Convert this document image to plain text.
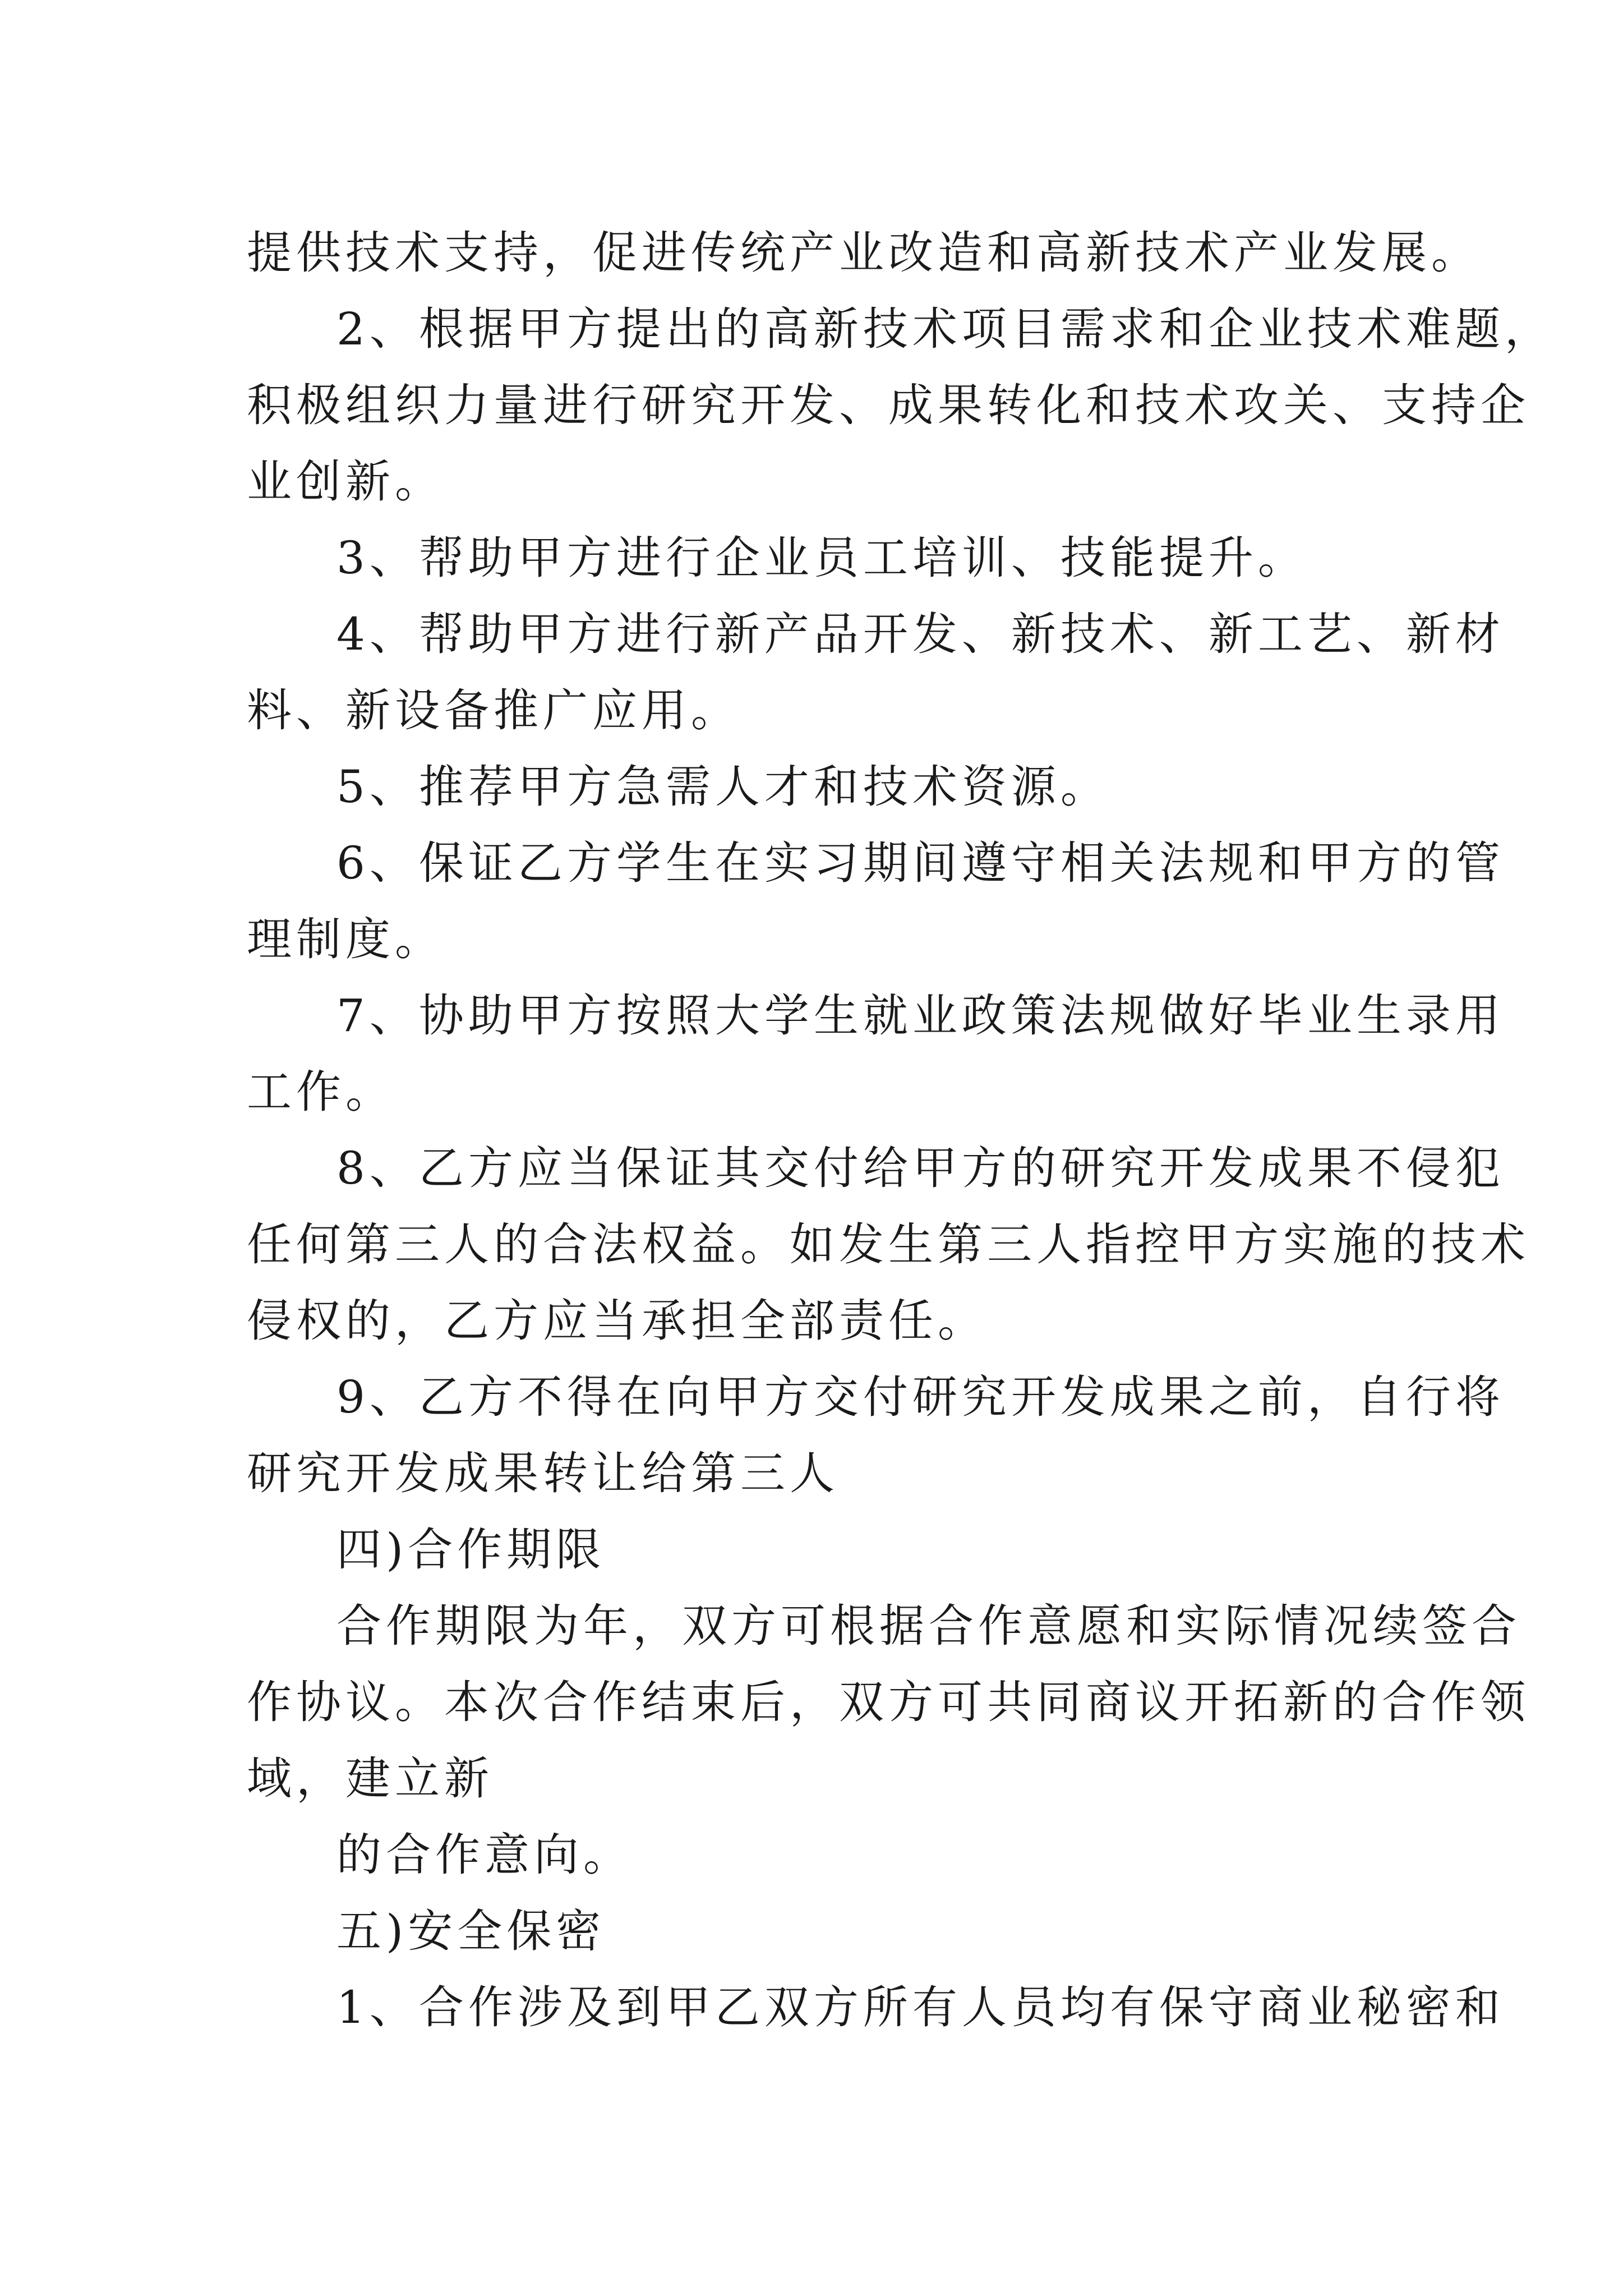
提供技术支持，促进传统产业改造和高新技术产业发展。
2、根据甲方提出的高新技术项目需求和企业技术难题，
积极组织力量进行研究开发、成果转化和技术攻关、支持企
业创新。
3、帮助甲方进行企业员工培训、技能提升。
4、帮助甲方进行新产品开发、新技术、新工艺、新材
料、新设备推广应用。
5、推荐甲方急需人才和技术资源。
6、保证乙方学生在实习期间遵守相关法规和甲方的管
理制度。
7、协助甲方按照大学生就业政策法规做好毕业生录用
工作。
8、乙方应当保证其交付给甲方的研究开发成果不侵犯
任何第三人的合法权益。如发生第三人指控甲方实施的技术
侵权的，乙方应当承担全部责任。
9、乙方不得在向甲方交付研究开发成果之前，自行将
研究开发成果转让给第三人
四)合作期限
合作期限为年，双方可根据合作意愿和实际情况续签合
作协议。本次合作结束后，双方可共同商议开拓新的合作领
域，建立新
的合作意向。
五)安全保密
1、合作涉及到甲乙双方所有人员均有保守商业秘密和
